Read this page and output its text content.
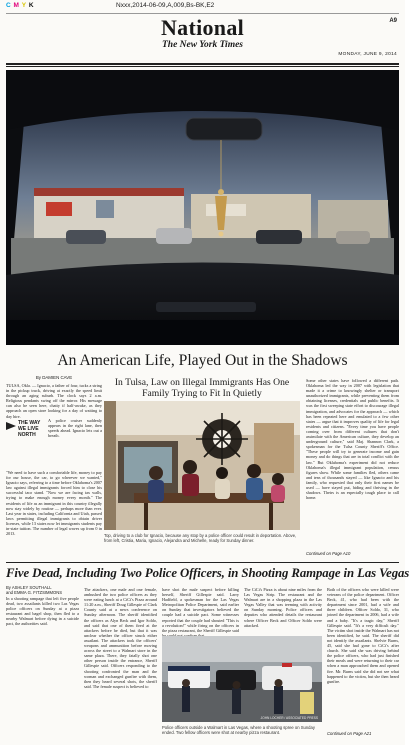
C M Y K	Nxxx,2014-06-09,A,009,Bs-BK,E2
National
The New York Times
A9
MONDAY, JUNE 9, 2014
An American Life, Played Out in the Shadows
By DAMIEN CAVE
TULSA, Okla. — Ignacio, a father of four, tucks a string in the pickup truck, driving at exactly the speed limit through an aging suburb. The clock says 2 a.m. Religious pendants swing off the mirror. His message can also be seen here, chatty if half-awake, as they approach an open store looking for a day of waiting to day hire.
THE WAY WE LIVE NORTH
A police cruiser suddenly appears in the right lane, then speeds ahead. Ignacio lets out a breath.
"We need to have such a comfortable life, money to pay for our house, the car, to go wherever we wanted," Ignacio says, referring to a time before Oklahoma's 2007 law against illegal immigrants forced him to close his successful taco stand. "Now we are facing tax walls, trying to make enough money every month." The residents of life as an immigrant in this country illegally now stay widely by routine — perhaps more than ever. Last year in states, including California and Utah, passed laws permitting illegal immigrants to obtain driver licenses, while 13 states now let immigrants students pay in-state tuition. The number of legal waves up from 0 in 2013.
In Tulsa, Law on Illegal Immigrants Has One Family Trying to Fit In Quietly
Top, driving to a club for Ignacio, because any stop by a police officer could result in deportation. Above, from left, Cristia, Maria, Ignacio, Alejandra and Michelle, ready for Sunday dinner.
Some other states have followed a different path. Oklahoma led the way in 2007 with legislation that made it a crime to knowingly shelter or transport unauthorized immigrants, while preventing them from obtaining licenses, credentials and public benefits. It was the first sweeping state effort to discourage illegal immigration, and advocates for the approach — which has been repeated here and emulated to a few other states — argue that it improves quality of life for legal residents and citizens. "Every time you have people coming over from different cultures that don't assimilate with the American culture, they develop an underground culture," said Maj. Shannon Clark, a spokesman for the Tulsa County Sheriff's Office. "These people will try to generate income and gain money and do things that are in total conflict with the law." But Oklahoma's experiment did not reduce Oklahoma's illegal immigrant population, census figures show. While some families fled, others came and tens of thousands stayed — like Ignacio and his family, who requested that only their first names be used — have stayed put, hiding and thriving in the shadows. Theirs is an especially tough place to call home.
Continued on Page A10
Five Dead, Including Two Police Officers, in Shooting Rampage in Las Vegas
By ASHLEY SOUTHALL
and EMMA G. FITZSIMMONS
In a shooting rampage that left five people dead, two assailants killed two Las Vegas police officers on Sunday at a pizza restaurant and bagel shop, then fled to a nearby Walmart before dying in a suicide pact, the authorities said.
The attackers, one male and one female, ambushed the two police officers as they were eating lunch at a CiCi's Pizza around 11:20 a.m., Sheriff Doug Gillespie of Clark County said at a news conference on Sunday afternoon. The sheriff identified the officers as Alyn Beck and Igor Soldo, and said that one of them fired at the attackers before he died, but that it was unclear whether the officer struck either assailant. The attackers took the officers' weapons and ammunition before moving across the street to a Walmart store in the same plaza. There, they fatally shot one other person inside the entrance, Sheriff Gillespie said. Officers responding to the shooting confronted the man and the woman and exchanged gunfire with them, then they heard several shots, the sheriff said. The female suspect is believed to
have shot the male suspect before killing herself, Sheriff Gillespie said. Larry Hadfield, a spokesman for the Las Vegas Metropolitan Police Department, said earlier on Sunday that investigators believed the couple had a suicide pact. Some witnesses reported that the couple had shouted "This is a revolution!" while firing on the officers in the pizza restaurant, the Sheriff Gillespie said
The CiCi's Pizza is about nine miles from the Las Vegas Strip. The restaurant and the Walmart are in a shopping plaza in the Las Vegas Valley that was teeming with activity on Sunday morning. Police officers and deputies who attended details the restaurant where Officer Beck and Officer Soldo were attacked.
JOHN LOCHER / ASSOCIATED PRESS
Police officers outside a Walmart in Las Vegas, where a shooting spree on Sunday ended. Two fellow officers were shot at nearby pizza restaurant.
Both of the officers who were killed were veterans of the police department. Officer Beck, 41, who had been with the department since 2001, had a wife and three children. Officer Soldo, 31, who joined the department in 2006, had a wife and a baby. "It's a tragic day," Sheriff Gillespie said. "It's a very difficult day." The victim shot inside the Walmart has not been identified, he said. The sheriff did not identify the assailants. Shelvie Burns, 45, said she had gone to CiCi's after church. She said she was driving behind the police officers, who had just finished their meals and were returning to their car when a man approached them and opened fire. Mr. Burns said she did not see what happened to the victim, but she then heard gunfire.
Continued on Page A21
